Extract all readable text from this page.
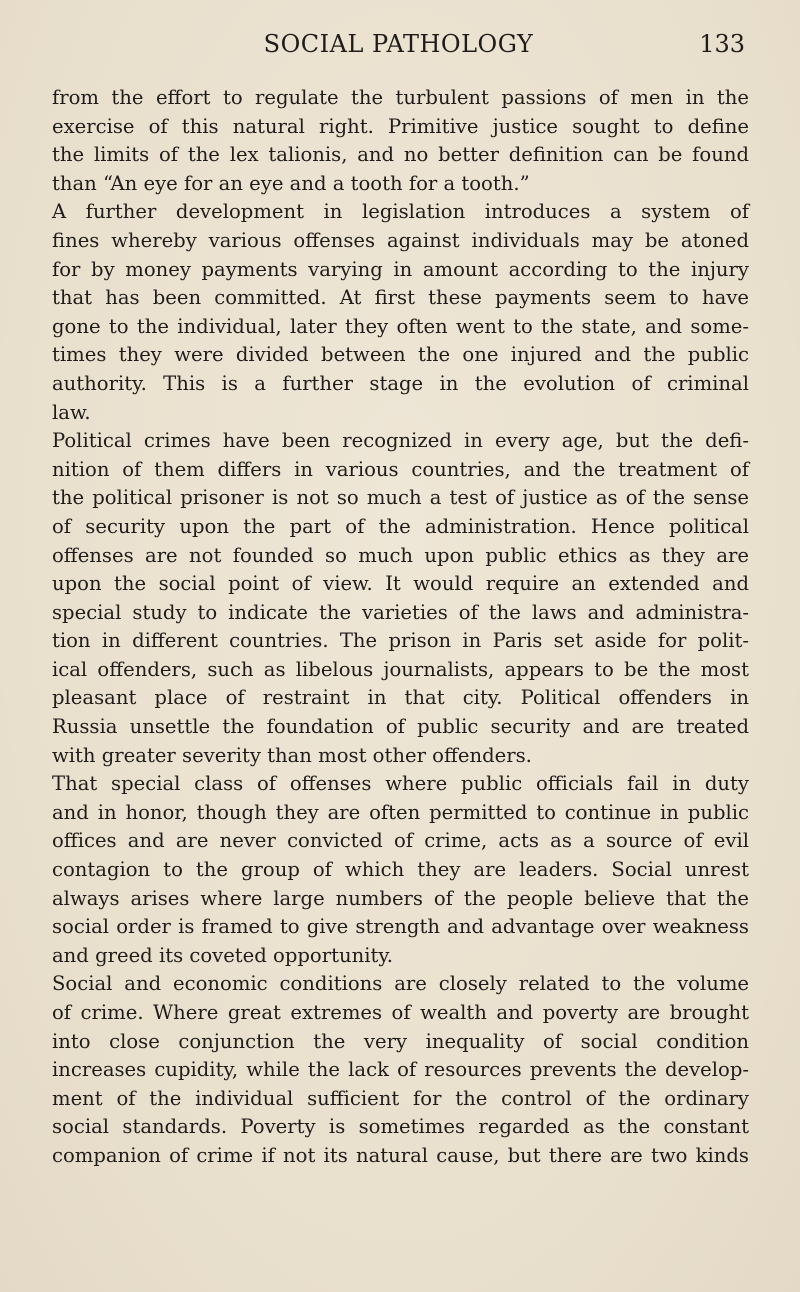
SOCIAL PATHOLOGY	133
from the effort to regulate the turbulent passions of men in the
exercise of this natural right. Primitive justice sought to define
the limits of the lex talionis, and no better definition can be found
than “An eye for an eye and a tooth for a tooth.”
A further development in legislation introduces a system of
fines whereby various offenses against individuals may be atoned
for by money payments varying in amount according to the injury
that has been committed. At first these payments seem to have
gone to the individual, later they often went to the state, and some-
times they were divided between the one injured and the public
authority. This is a further stage in the evolution of criminal
law.
Political crimes have been recognized in every age, but the defi-
nition of them differs in various countries, and the treatment of
the political prisoner is not so much a test of justice as of the sense
of security upon the part of the administration. Hence political
offenses are not founded so much upon public ethics as they are
upon the social point of view. It would require an extended and
special study to indicate the varieties of the laws and administra-
tion in different countries. The prison in Paris set aside for polit-
ical offenders, such as libelous journalists, appears to be the most
pleasant place of restraint in that city. Political offenders in
Russia unsettle the foundation of public security and are treated
with greater severity than most other offenders.
That special class of offenses where public officials fail in duty
and in honor, though they are often permitted to continue in public
offices and are never convicted of crime, acts as a source of evil
contagion to the group of which they are leaders. Social unrest
always arises where large numbers of the people believe that the
social order is framed to give strength and advantage over weakness
and greed its coveted opportunity.
Social and economic conditions are closely related to the volume
of crime. Where great extremes of wealth and poverty are brought
into close conjunction the very inequality of social condition
increases cupidity, while the lack of resources prevents the develop-
ment of the individual sufficient for the control of the ordinary
social standards. Poverty is sometimes regarded as the constant
companion of crime if not its natural cause, but there are two kinds
